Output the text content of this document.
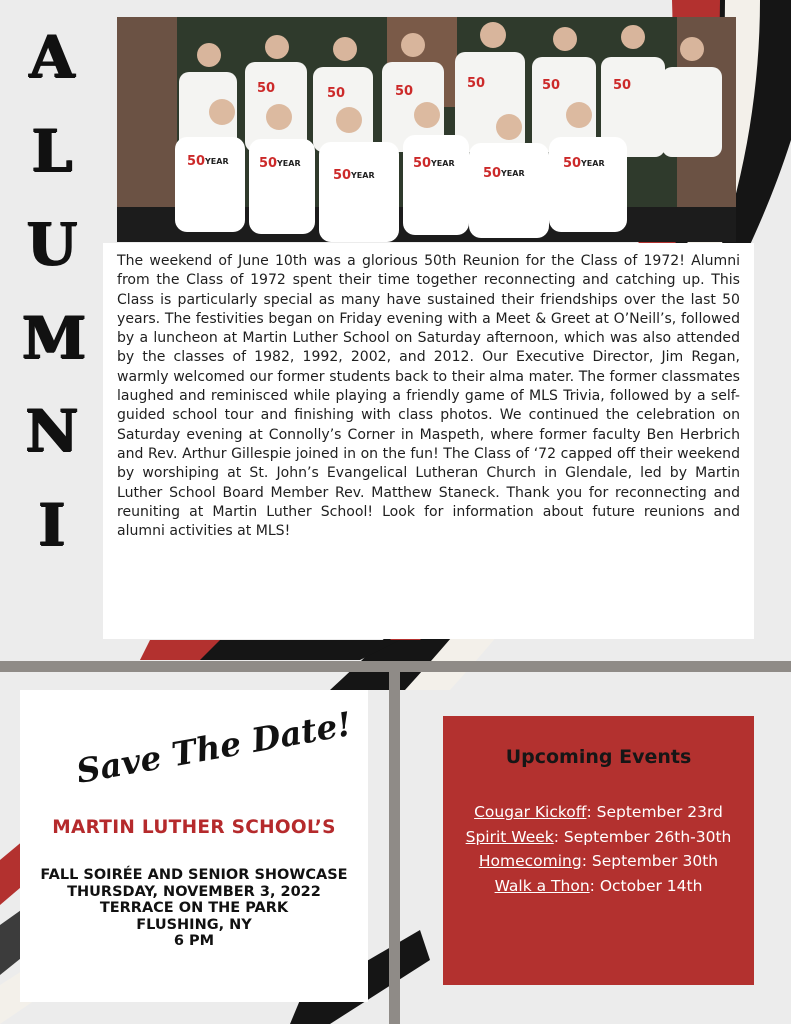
A
L
U
M
N
I
50	50
50
50
50
50
50	50	50
50	50	50
YEAR	YEAR
YEAR
YEAR
YEAR
YEAR

The weekend of June 10th was a glorious 50th Reunion for the Class of 1972! Alumni from the Class of 1972 spent their time together reconnecting and catching up. This Class is particularly special as many have sustained their friendships over the last 50 years. The festivities began on Friday evening with a Meet & Greet at O’Neill’s, followed by a luncheon at Martin Luther School on Saturday afternoon, which was also attended by the classes of 1982, 1992, 2002, and 2012. Our Executive Director, Jim Regan, warmly welcomed our former students back to their alma mater. The former classmates laughed and reminisced while playing a friendly game of MLS Trivia, followed by a self-guided school tour and finishing with class photos. We continued the celebration on Saturday evening at Connolly’s Corner in Maspeth, where former faculty Ben Herbrich and Rev. Arthur Gillespie joined in on the fun! The Class of ‘72 capped off their weekend by worshiping at St. John’s Evangelical Lutheran Church in Glendale, led by Martin Luther School Board Member Rev. Matthew Staneck. Thank you for reconnecting and reuniting at Martin Luther School! Look for information about future reunions and alumni activities at MLS!

Save The Date!
MARTIN LUTHER SCHOOL’S
FALL SOIRÉE AND SENIOR SHOWCASE
THURSDAY, NOVEMBER 3, 2022
TERRACE ON THE PARK
FLUSHING, NY
6 PM
Upcoming Events
Cougar Kickoff: September 23rd
Spirit Week: September 26th-30th
Homecoming: September 30th
Walk a Thon: October 14th
